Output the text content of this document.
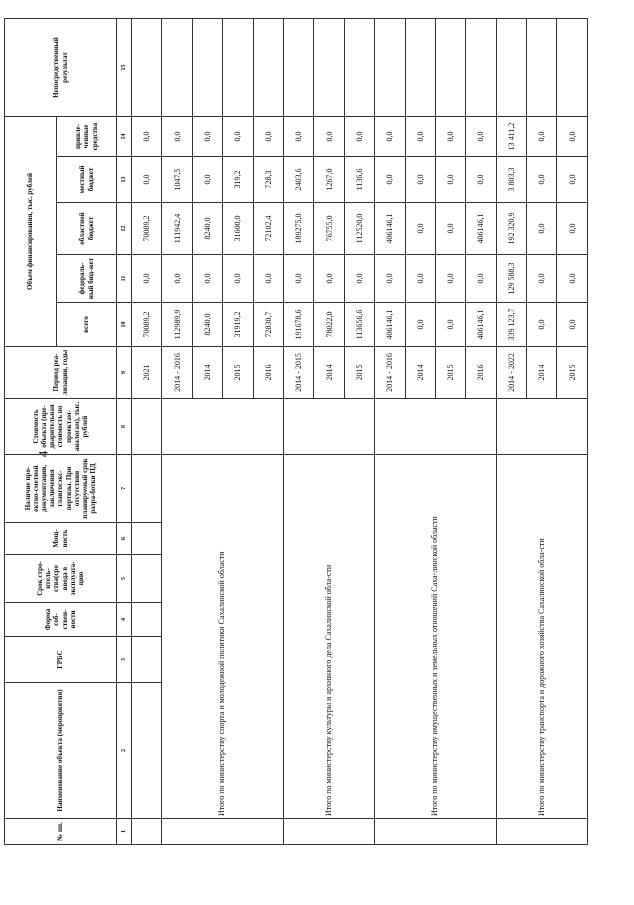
4
№ пп.	Наименование объекта (мероприятия)	ГРБС	Форма соб-ствен-ности	Срок стро-итель-ства(сро ввода в эксплуата-цию	Мощ-ность	Наличие про-ектно-сметной документации, заключения главгосэкс-пертизы. При отсутствии планируемый срок разра-ботки ПД	Стоимость объекта (пре-дварительная стоимость по проектам-аналогам), тыс. рублей	Период реа-лизации, годы	Объем финансирования, тыс. рублей					Непосредственный результат
									всего	федераль-ный бюд-жет	областной бюджет	местный бюджет	привле-ченные средства	
1	2	3	4	5	6	7	8	9	10	11	12	13	14	15
								2021	70089,2	0,0	70089,2	0,0	0,0	
	Итого по министерству спорта и молодежной политики Сахалинской области							2014 - 2016	112989,9	0,0	111942,4	1047,5	0,0	
								2014	8240,0	0,0	8240,0	0,0	0,0	
								2015	31919,2	0,0	31600,0	319,2	0,0	
								2016	72830,7	0,0	72102,4	728,3	0,0	
	Итого по министерству культуры и архивного дела Сахалинской обла-сти							2014 - 2015	191678,6	0,0	189275,0	2403,6	0,0	
								2014	78022,0	0,0	76755,0	1267,0	0,0	
								2015	113656,6	0,0	112520,0	1136,6	0,0	
	Итого по министерству имущественных и земельных отношений Саха-линской области							2014 - 2016	406146,1	0,0	406146,1	0,0	0,0	
								2014	0,0	0,0	0,0	0,0	0,0	
								2015	0,0	0,0	0,0	0,0	0,0	
								2016	406146,1	0,0	406146,1	0,0	0,0	
	Итого по министерству транспорта и дорожного хозяйства Сахалинской обла-сти							2014 - 2022	339 123,7	129 588,3	192 320,9	3 803,3	13 411,2	
								2014	0,0	0,0	0,0	0,0	0,0	
								2015	0,0	0,0	0,0	0,0	0,0	
